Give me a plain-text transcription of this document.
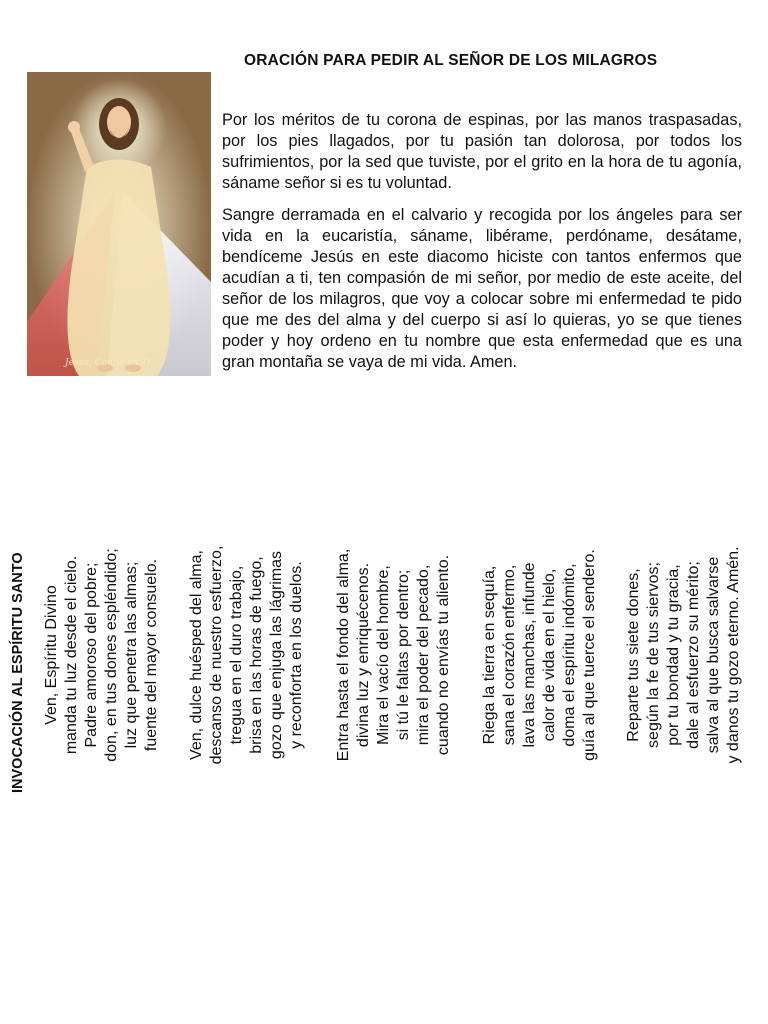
ORACIÓN PARA PEDIR AL SEÑOR DE LOS MILAGROS
Jesús, Confío en Ti

Por los méritos de tu corona de espinas, por las manos traspasadas, por los pies llagados, por tu pasión tan dolorosa, por todos los sufrimientos, por la sed que tuviste, por el grito en la hora de tu agonía, sáname señor si es tu voluntad.

Sangre derramada en el calvario y recogida por los ángeles para ser vida en la eucaristía, sáname, libérame, perdóname, desátame, bendíceme Jesús en este diacomo hiciste con tantos enfermos que acudían a ti, ten compasión de mi señor, por medio de este aceite, del señor de los milagros, que voy a colocar sobre mi enfermedad te pido que me des del alma y del cuerpo si así lo quieras, yo se que tienes poder y hoy ordeno en tu nombre que esta enfermedad que es una gran montaña se vaya de mi vida. Amen.

INVOCACIÓN AL ESPÍRITU SANTO Ven, Espíritu Divino manda tu luz desde el cielo. Padre amoroso del pobre; don, en tus dones espléndido; luz que penetra las almas; fuente del mayor consuelo. Ven, dulce huésped del alma, descanso de nuestro esfuerzo, tregua en el duro trabajo, brisa en las horas de fuego, gozo que enjuga las lágrimas y reconforta en los duelos. Entra hasta el fondo del alma, divina luz y enriquécenos. Mira el vacío del hombre, si tú le faltas por dentro; mira el poder del pecado, cuando no envías tu aliento. Riega la tierra en sequía, sana el corazón enfermo, lava las manchas, infunde calor de vida en el hielo, doma el espíritu indómito, guía al que tuerce el sendero. Reparte tus siete dones, según la fe de tus siervos; por tu bondad y tu gracia, dale al esfuerzo su mérito; salva al que busca salvarse y danos tu gozo eterno. Amén.
